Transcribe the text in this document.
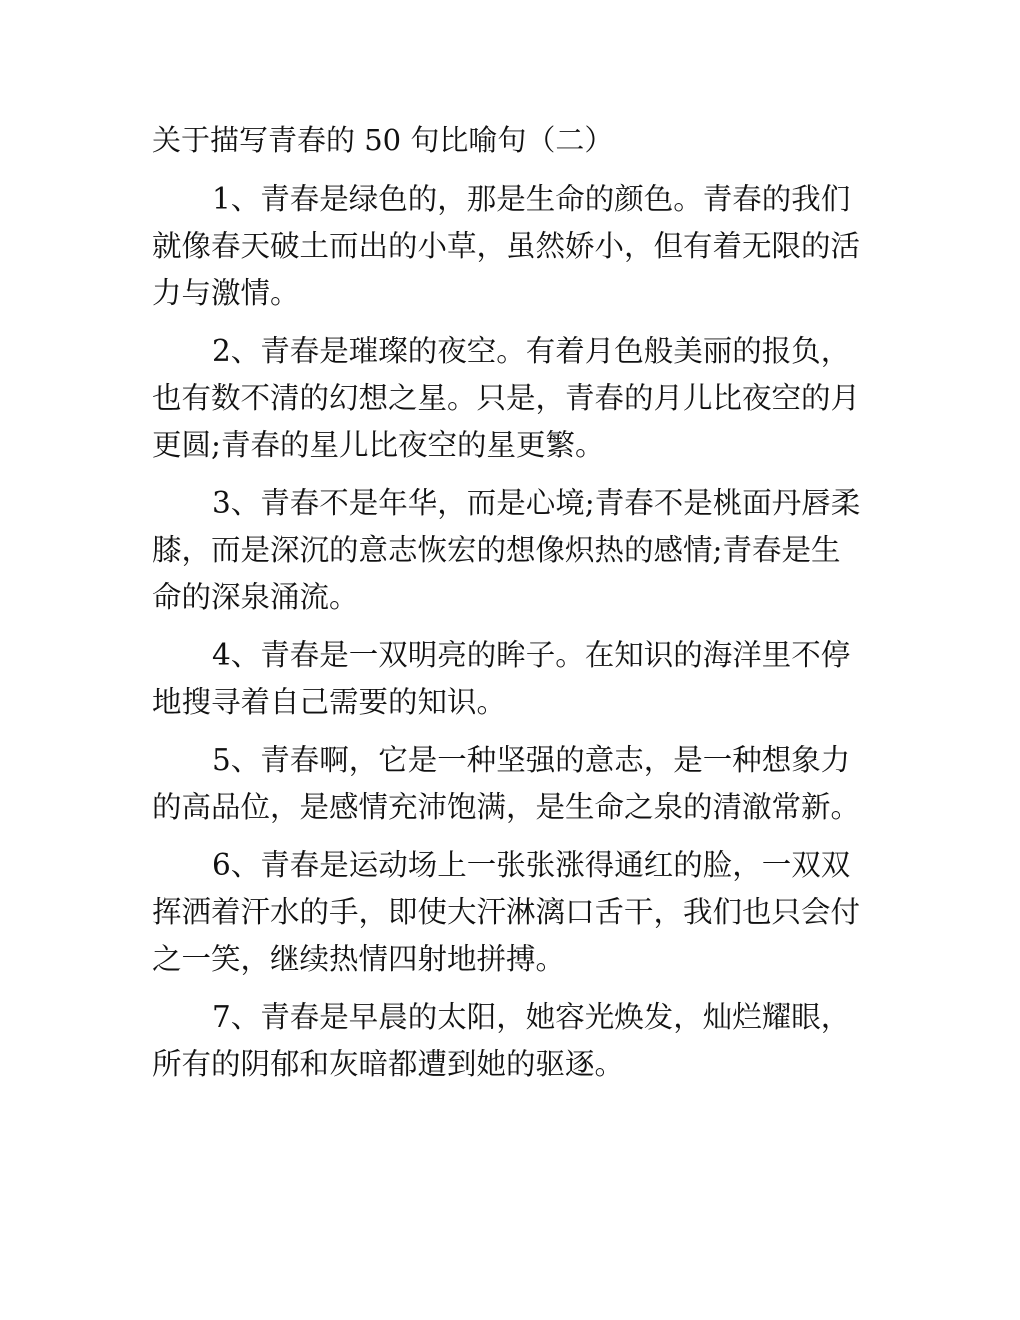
关于描写青春的 50 句比喻句（二）
1、青春是绿色的，那是生命的颜色。青春的我们
就像春天破土而出的小草，虽然娇小，但有着无限的活
力与激情。
2、青春是璀璨的夜空。有着月色般美丽的报负，
也有数不清的幻想之星。只是，青春的月儿比夜空的月
更圆;青春的星儿比夜空的星更繁。
3、青春不是年华，而是心境;青春不是桃面丹唇柔
膝，而是深沉的意志恢宏的想像炽热的感情;青春是生
命的深泉涌流。
4、青春是一双明亮的眸子。在知识的海洋里不停
地搜寻着自己需要的知识。
5、青春啊，它是一种坚强的意志，是一种想象力
的高品位，是感情充沛饱满，是生命之泉的清澈常新。
6、青春是运动场上一张张涨得通红的脸，一双双
挥洒着汗水的手，即使大汗淋漓口舌干，我们也只会付
之一笑，继续热情四射地拼搏。
7、青春是早晨的太阳，她容光焕发，灿烂耀眼，
所有的阴郁和灰暗都遭到她的驱逐。
